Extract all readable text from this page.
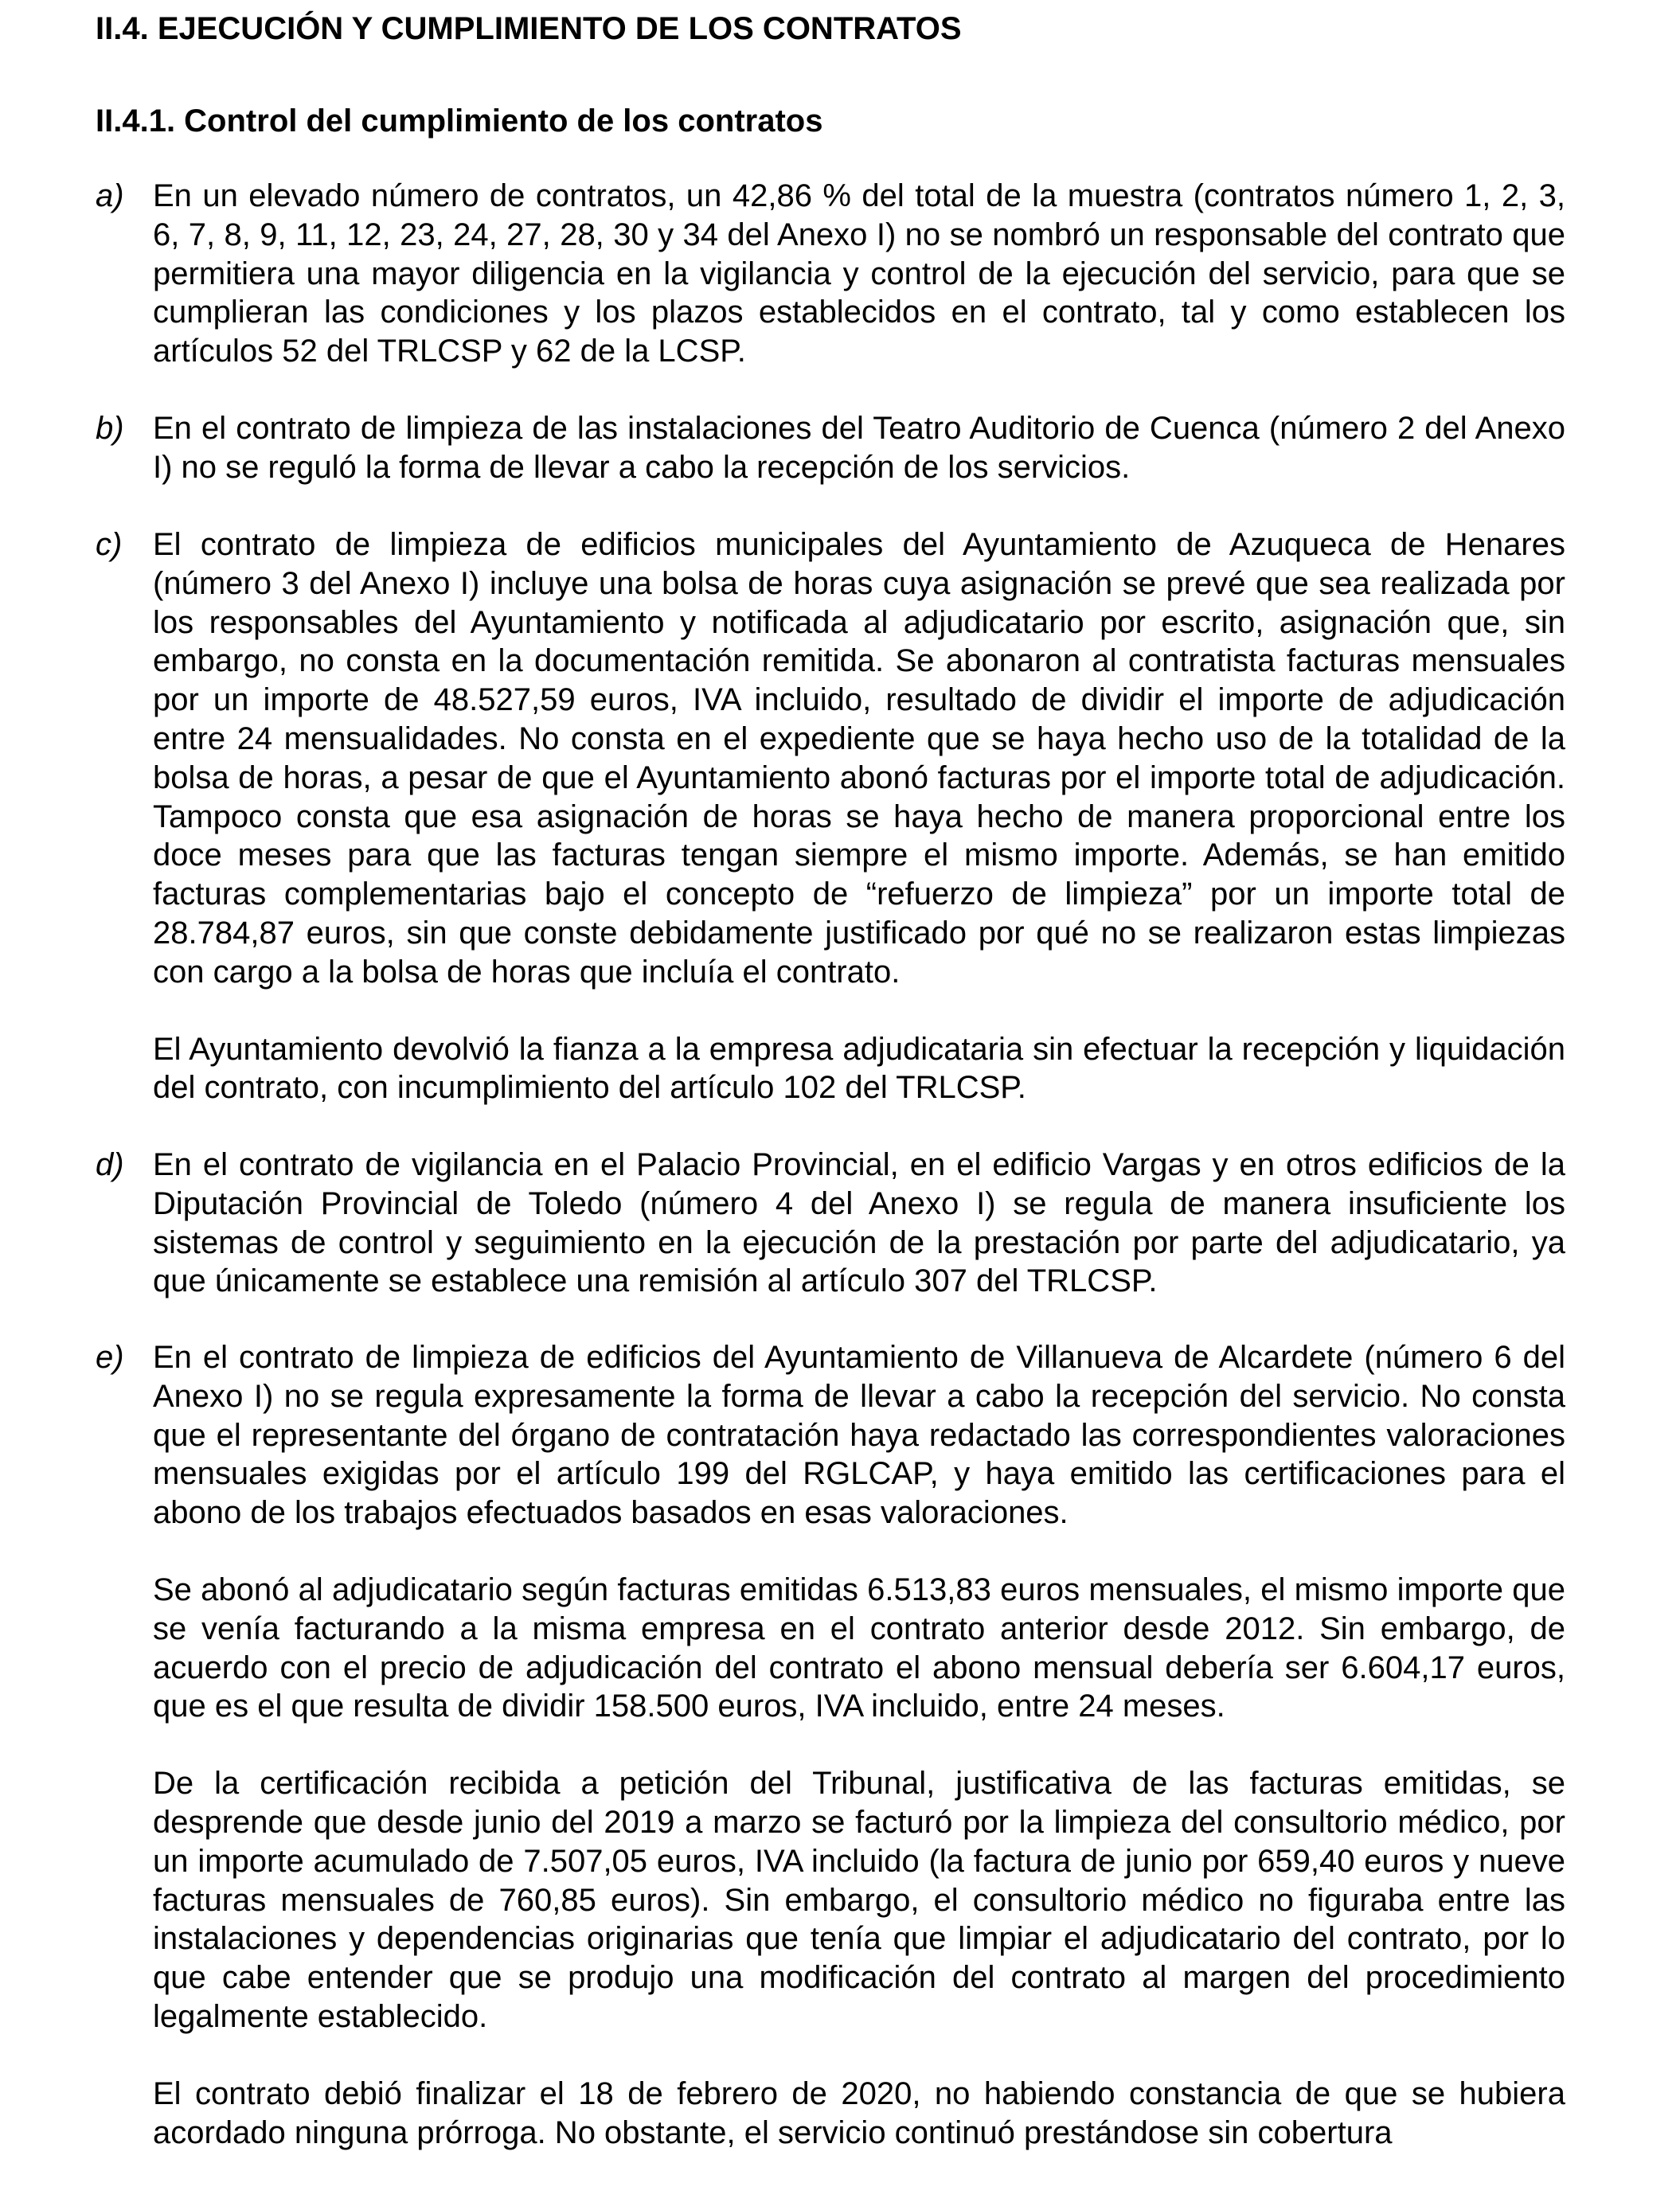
II.4. EJECUCIÓN Y CUMPLIMIENTO DE LOS CONTRATOS
II.4.1. Control del cumplimiento de los contratos
a) En un elevado número de contratos, un 42,86 % del total de la muestra (contratos número 1, 2, 3, 6, 7, 8, 9, 11, 12, 23, 24, 27, 28, 30 y 34 del Anexo I) no se nombró un responsable del contrato que permitiera una mayor diligencia en la vigilancia y control de la ejecución del servicio, para que se cumplieran las condiciones y los plazos establecidos en el contrato, tal y como establecen los artículos 52 del TRLCSP y 62 de la LCSP.

b) En el contrato de limpieza de las instalaciones del Teatro Auditorio de Cuenca (número 2 del Anexo I) no se reguló la forma de llevar a cabo la recepción de los servicios.

c) El contrato de limpieza de edificios municipales del Ayuntamiento de Azuqueca de Henares (número 3 del Anexo I) incluye una bolsa de horas cuya asignación se prevé que sea realizada por los responsables del Ayuntamiento y notificada al adjudicatario por escrito, asignación que, sin embargo, no consta en la documentación remitida. Se abonaron al contratista facturas mensuales por un importe de 48.527,59 euros, IVA incluido, resultado de dividir el importe de adjudicación entre 24 mensualidades. No consta en el expediente que se haya hecho uso de la totalidad de la bolsa de horas, a pesar de que el Ayuntamiento abonó facturas por el importe total de adjudicación. Tampoco consta que esa asignación de horas se haya hecho de manera proporcional entre los doce meses para que las facturas tengan siempre el mismo importe. Además, se han emitido facturas complementarias bajo el concepto de “refuerzo de limpieza” por un importe total de 28.784,87 euros, sin que conste debidamente justificado por qué no se realizaron estas limpiezas con cargo a la bolsa de horas que incluía el contrato.

El Ayuntamiento devolvió la fianza a la empresa adjudicataria sin efectuar la recepción y liquidación del contrato, con incumplimiento del artículo 102 del TRLCSP.

d) En el contrato de vigilancia en el Palacio Provincial, en el edificio Vargas y en otros edificios de la Diputación Provincial de Toledo (número 4 del Anexo I) se regula de manera insuficiente los sistemas de control y seguimiento en la ejecución de la prestación por parte del adjudicatario, ya que únicamente se establece una remisión al artículo 307 del TRLCSP.

e) En el contrato de limpieza de edificios del Ayuntamiento de Villanueva de Alcardete (número 6 del Anexo I) no se regula expresamente la forma de llevar a cabo la recepción del servicio. No consta que el representante del órgano de contratación haya redactado las correspondientes valoraciones mensuales exigidas por el artículo 199 del RGLCAP, y haya emitido las certificaciones para el abono de los trabajos efectuados basados en esas valoraciones.

Se abonó al adjudicatario según facturas emitidas 6.513,83 euros mensuales, el mismo importe que se venía facturando a la misma empresa en el contrato anterior desde 2012. Sin embargo, de acuerdo con el precio de adjudicación del contrato el abono mensual debería ser 6.604,17 euros, que es el que resulta de dividir 158.500 euros, IVA incluido, entre 24 meses.

De la certificación recibida a petición del Tribunal, justificativa de las facturas emitidas, se desprende que desde junio del 2019 a marzo se facturó por la limpieza del consultorio médico, por un importe acumulado de 7.507,05 euros, IVA incluido (la factura de junio por 659,40 euros y nueve facturas mensuales de 760,85 euros). Sin embargo, el consultorio médico no figuraba entre las instalaciones y dependencias originarias que tenía que limpiar el adjudicatario del contrato, por lo que cabe entender que se produjo una modificación del contrato al margen del procedimiento legalmente establecido.

El contrato debió finalizar el 18 de febrero de 2020, no habiendo constancia de que se hubiera acordado ninguna prórroga. No obstante, el servicio continuó prestándose sin cobertura
